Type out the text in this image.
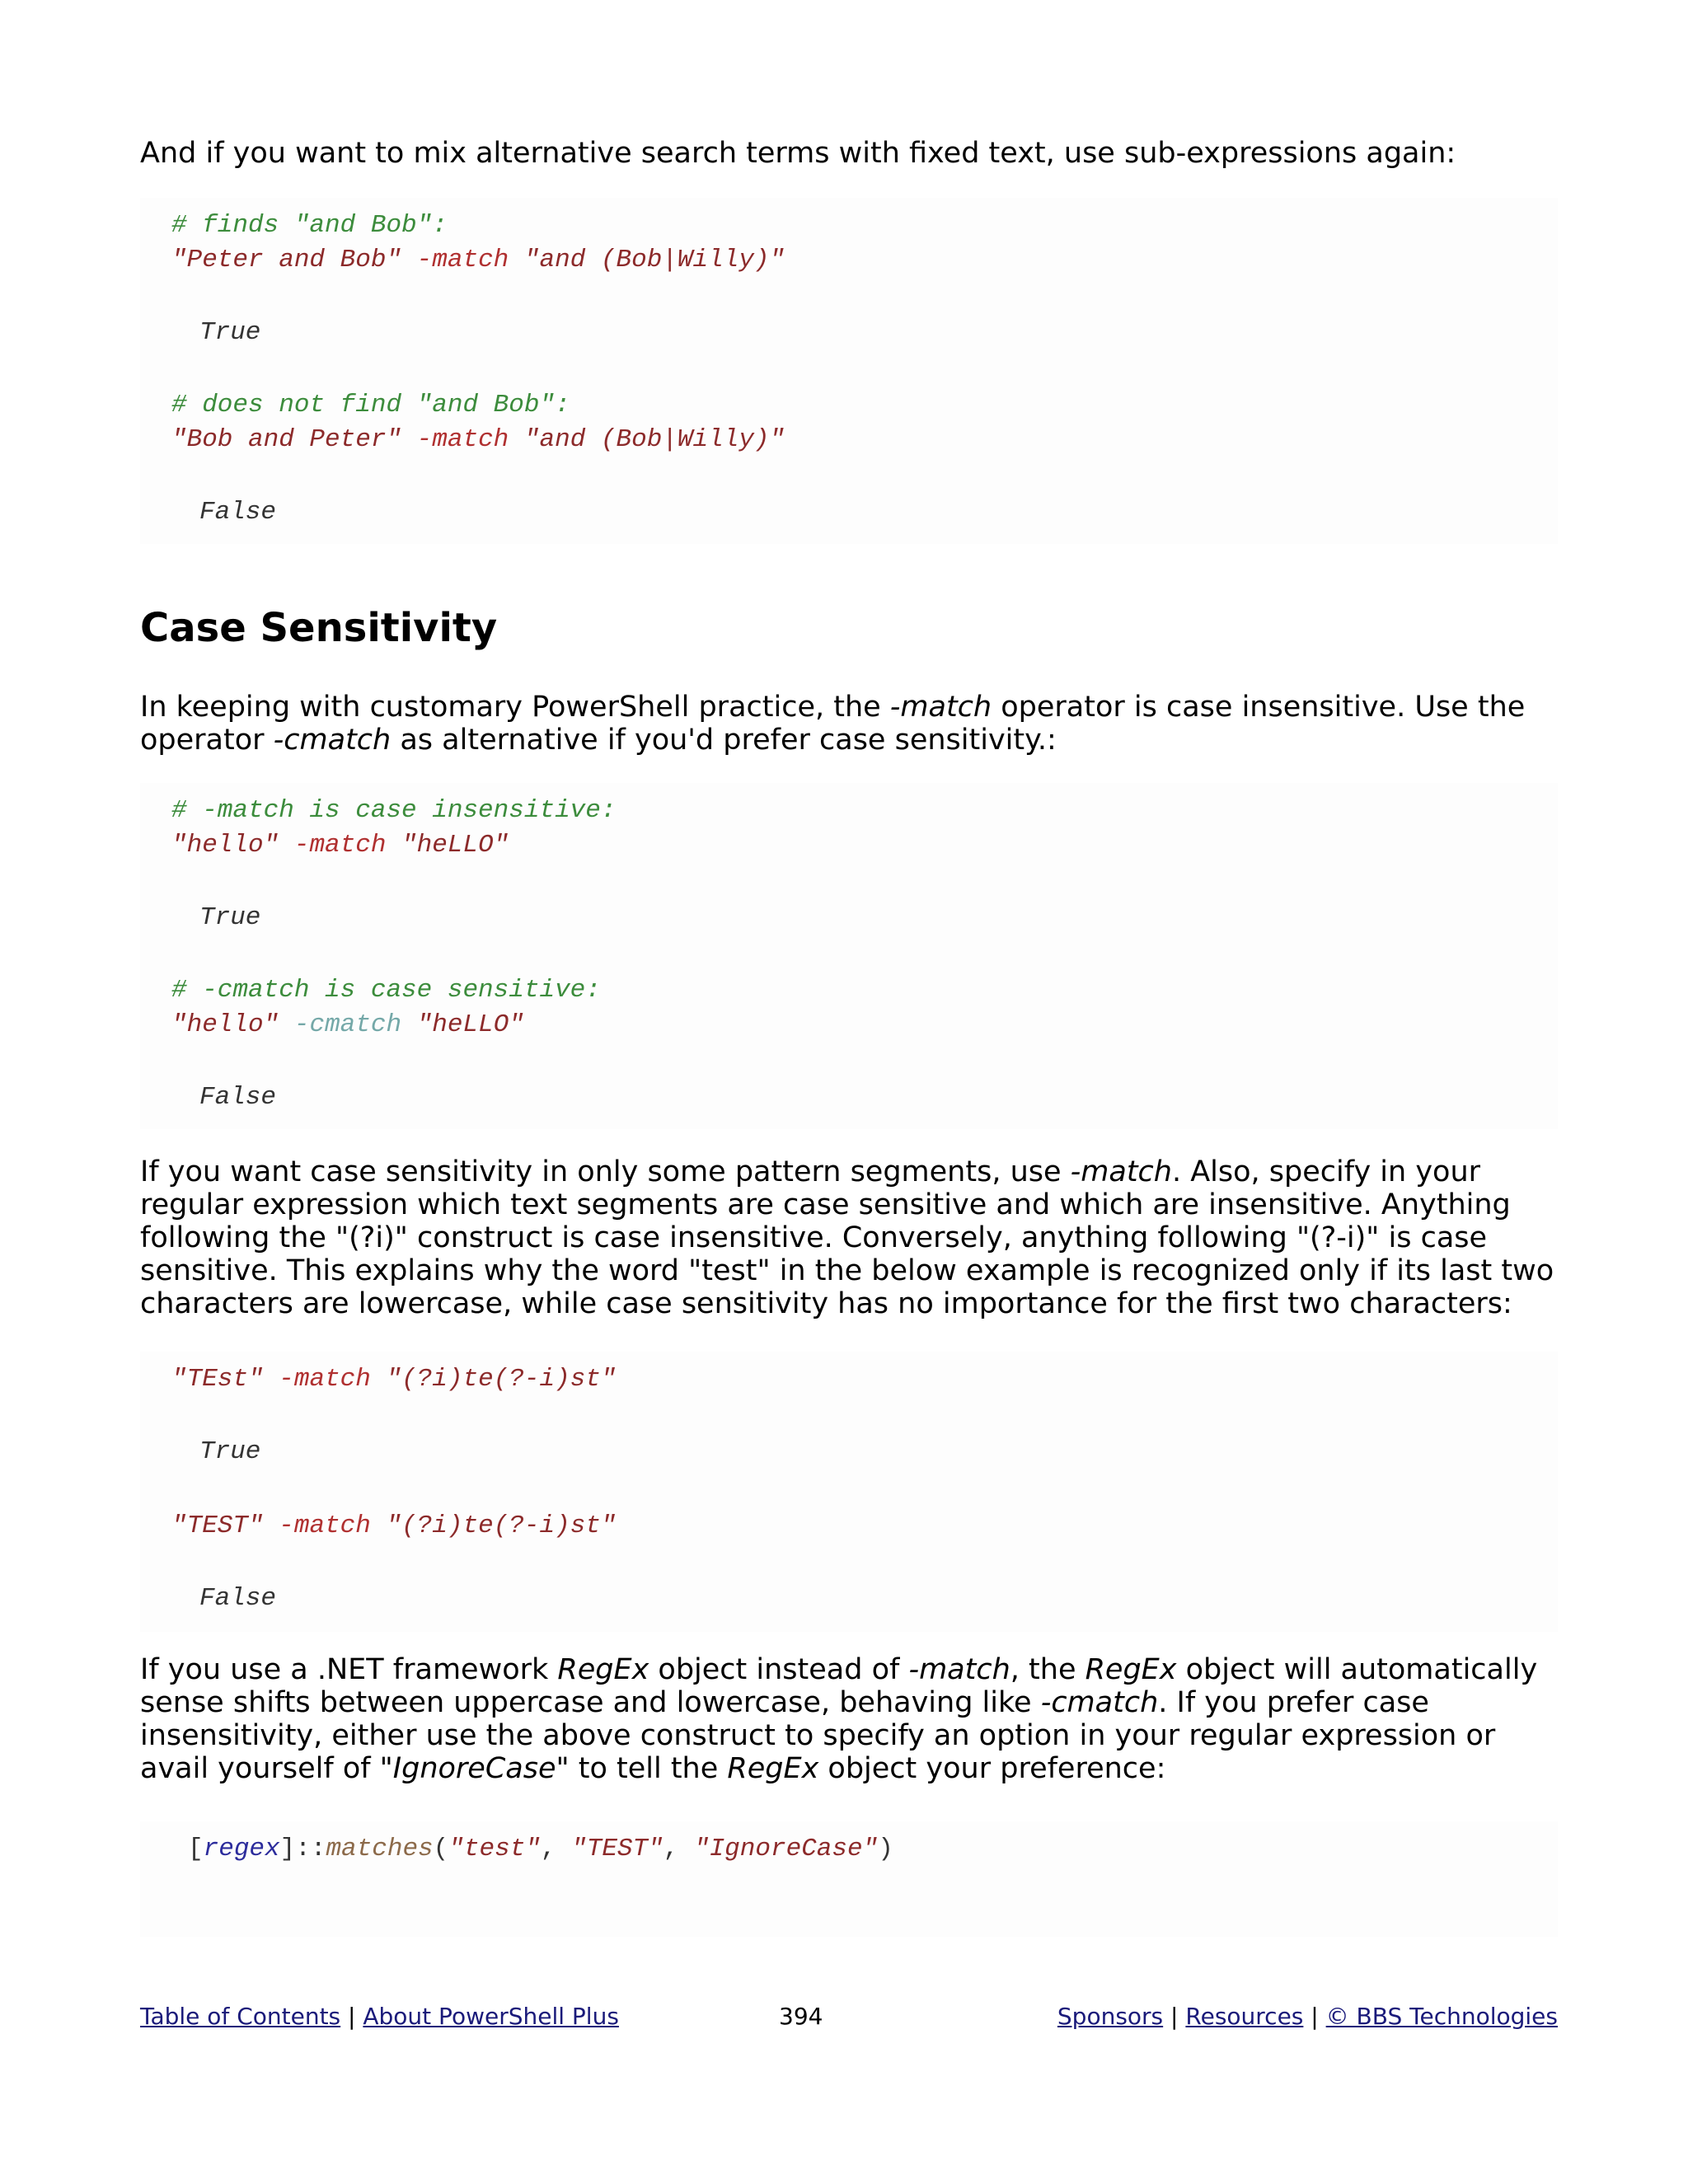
And if you want to mix alternative search terms with fixed text, use sub-expressions again:

# finds "and Bob":
"Peter and Bob" -match "and (Bob|Willy)"
True
# does not find "and Bob":
"Bob and Peter" -match "and (Bob|Willy)"
False
Case Sensitivity

In keeping with customary PowerShell practice, the -match operator is case insensitive. Use the operator -cmatch as alternative if you'd prefer case sensitivity.:

# -match is case insensitive:
"hello" -match "heLLO"
True
# -cmatch is case sensitive:
"hello" -cmatch "heLLO"
False

If you want case sensitivity in only some pattern segments, use -match. Also, specify in your regular expression which text segments are case sensitive and which are insensitive. Anything following the "(?i)" construct is case insensitive. Conversely, anything following "(?-i)" is case sensitive. This explains why the word "test" in the below example is recognized only if its last two characters are lowercase, while case sensitivity has no importance for the first two characters:

"TEst" -match "(?i)te(?-i)st"
True
"TEST" -match "(?i)te(?-i)st"
False

If you use a .NET framework RegEx object instead of -match, the RegEx object will automatically sense shifts between uppercase and lowercase, behaving like -cmatch. If you prefer case insensitivity, either use the above construct to specify an option in your regular expression or avail yourself of "IgnoreCase" to tell the RegEx object your preference:

[regex]::matches("test", "TEST", "IgnoreCase")
Table of Contents | About PowerShell Plus	394	Sponsors | Resources | © BBS Technologies
